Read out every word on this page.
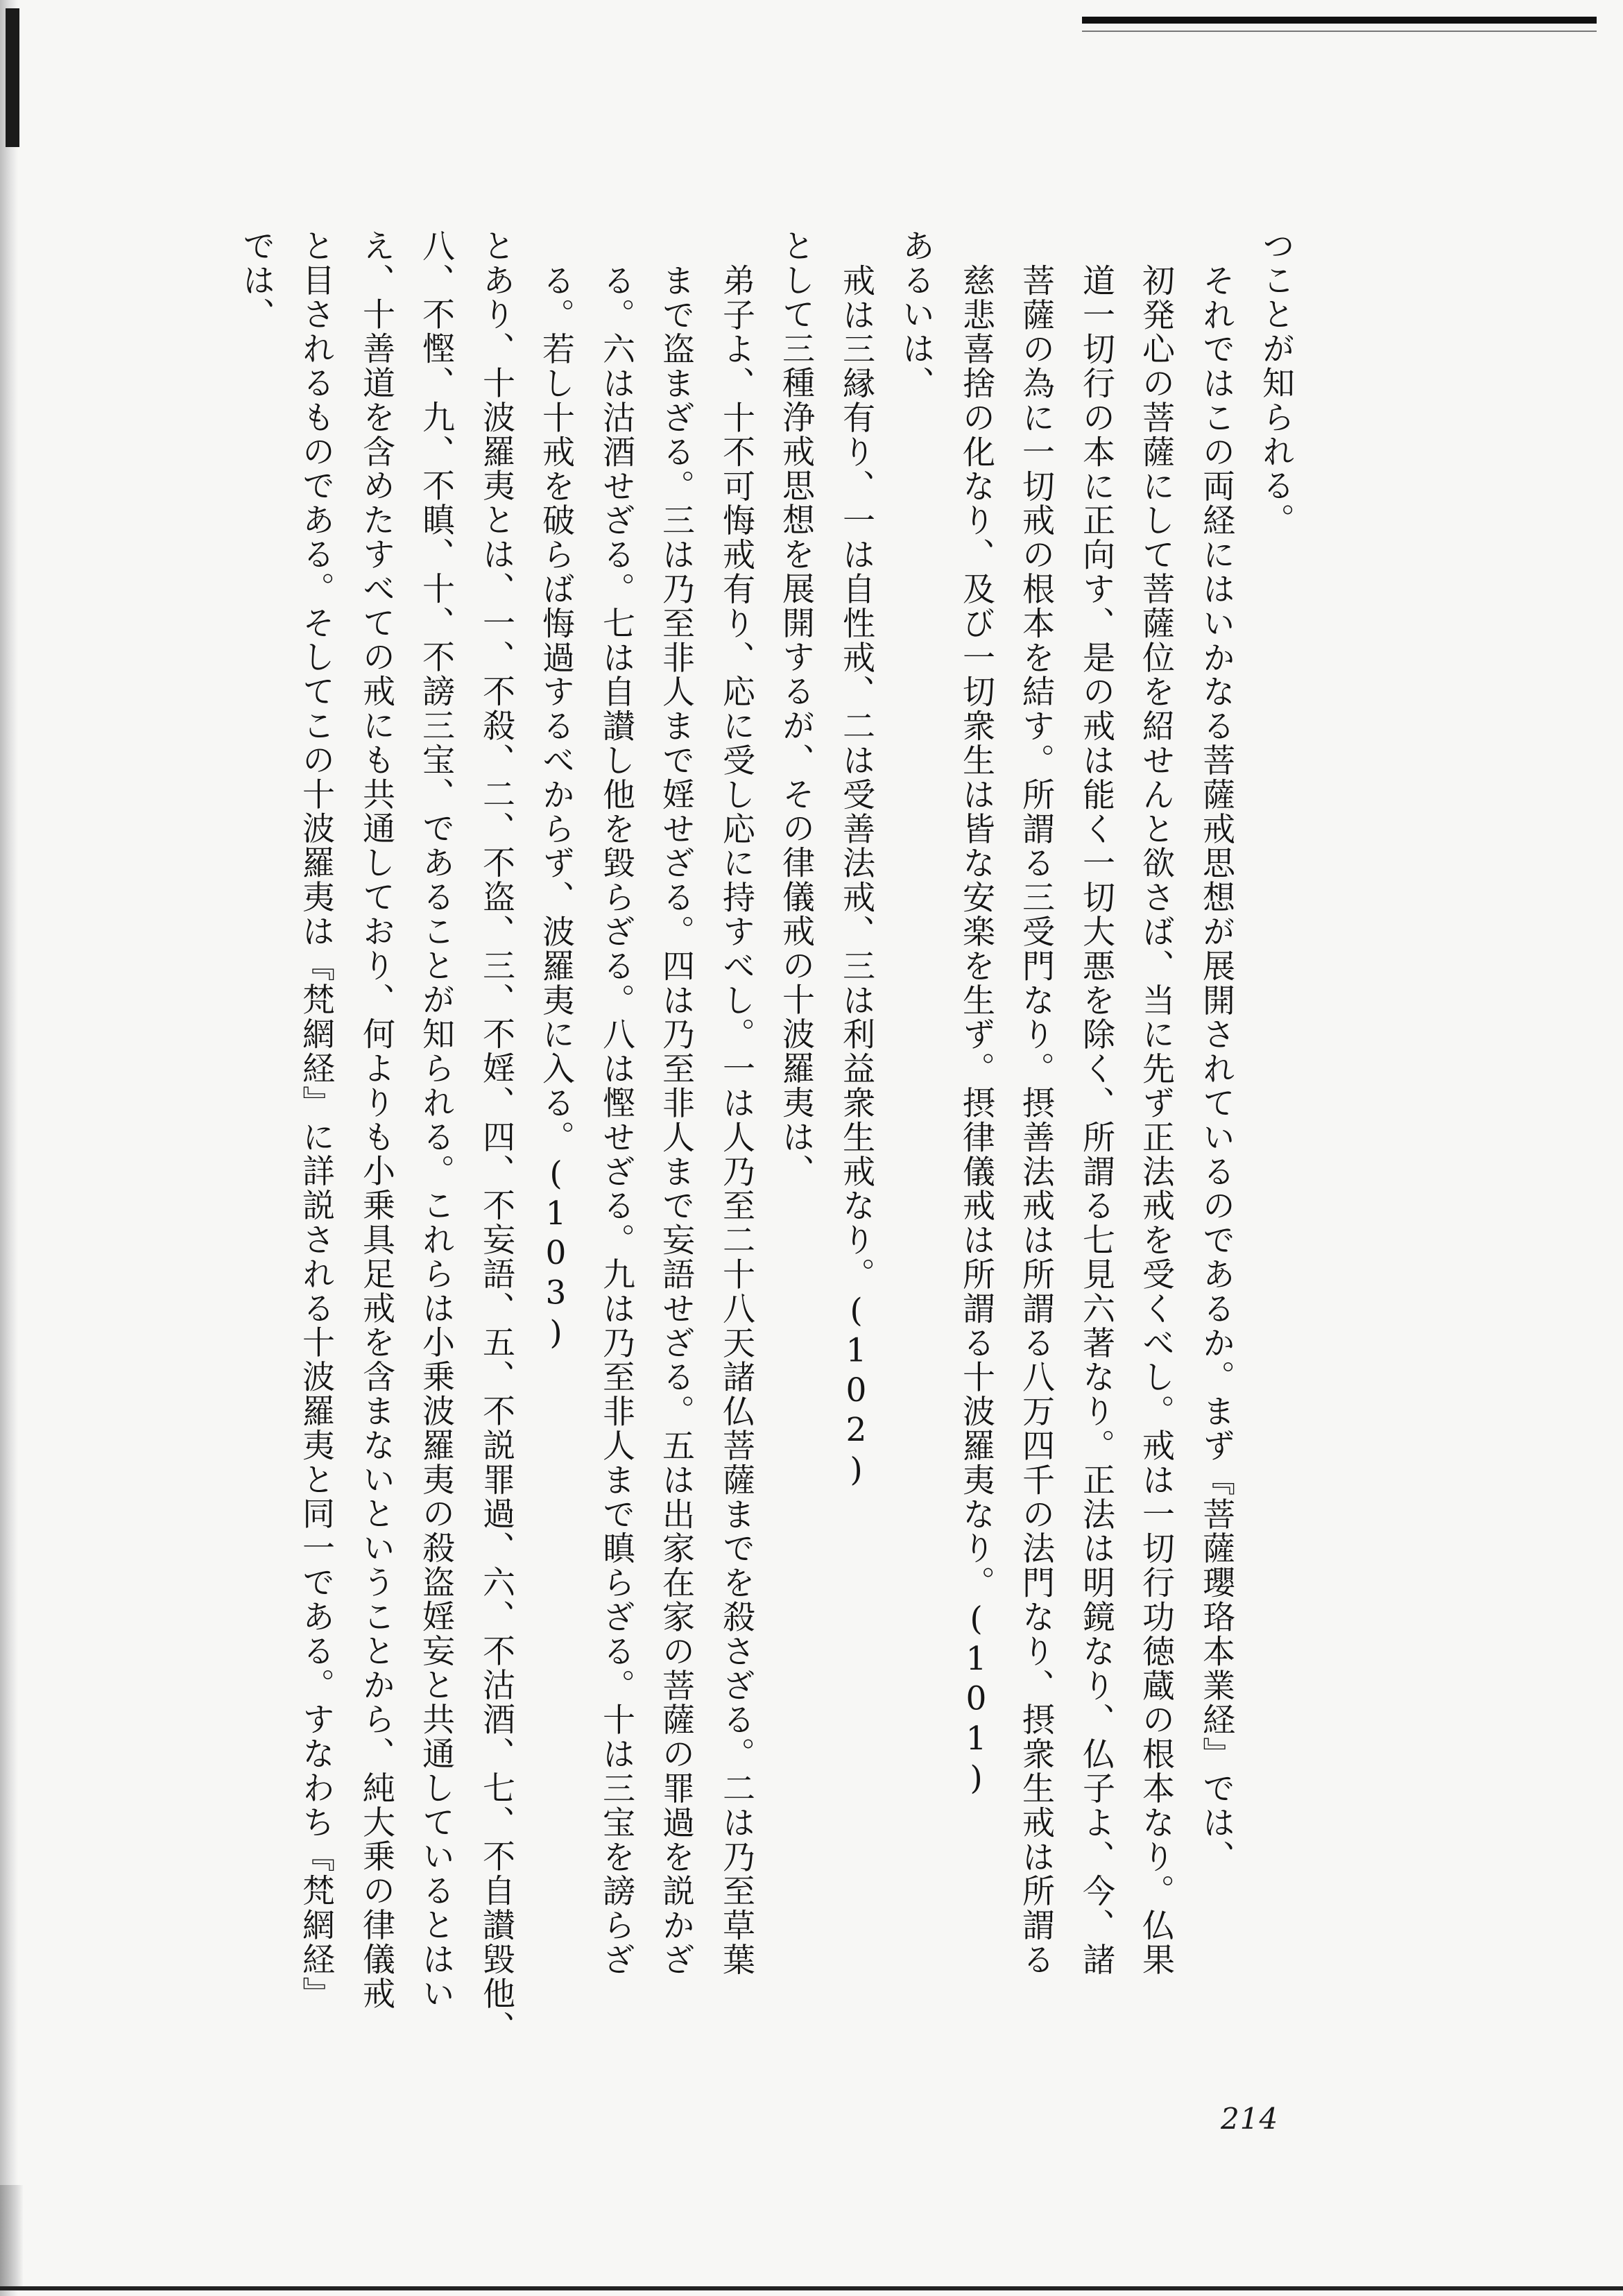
つことが知られる。
それではこの両経にはいかなる菩薩戒思想が展開されているのであるか。まず『菩薩瓔珞本業経』では、
初発心の菩薩にして菩薩位を紹せんと欲さば、当に先ず正法戒を受くべし。戒は一切行功徳蔵の根本なり。仏果
道一切行の本に正向す、是の戒は能く一切大悪を除く、所謂る七見六著なり。正法は明鏡なり、仏子よ、今、諸
菩薩の為に一切戒の根本を結す。所謂る三受門なり。摂善法戒は所謂る八万四千の法門なり、摂衆生戒は所謂る
慈悲喜捨の化なり、及び一切衆生は皆な安楽を生ず。摂律儀戒は所謂る十波羅夷なり。(101)
あるいは、
戒は三縁有り、一は自性戒、二は受善法戒、三は利益衆生戒なり。(102)
として三種浄戒思想を展開するが、その律儀戒の十波羅夷は、
弟子よ、十不可悔戒有り、応に受し応に持すべし。一は人乃至二十八天諸仏菩薩までを殺さざる。二は乃至草葉
まで盗まざる。三は乃至非人まで婬せざる。四は乃至非人まで妄語せざる。五は出家在家の菩薩の罪過を説かざ
る。六は沽酒せざる。七は自讃し他を毀らざる。八は慳せざる。九は乃至非人まで瞋らざる。十は三宝を謗らざ
る。若し十戒を破らば悔過するべからず、波羅夷に入る。(103)
とあり、十波羅夷とは、一、不殺、二、不盗、三、不婬、四、不妄語、五、不説罪過、六、不沽酒、七、不自讃毀他、
八、不慳、九、不瞋、十、不謗三宝、であることが知られる。これらは小乗波羅夷の殺盗婬妄と共通しているとはい
え、十善道を含めたすべての戒にも共通しており、何よりも小乗具足戒を含まないということから、純大乗の律儀戒
と目されるものである。そしてこの十波羅夷は『梵網経』に詳説される十波羅夷と同一である。すなわち『梵網経』
214
では、
